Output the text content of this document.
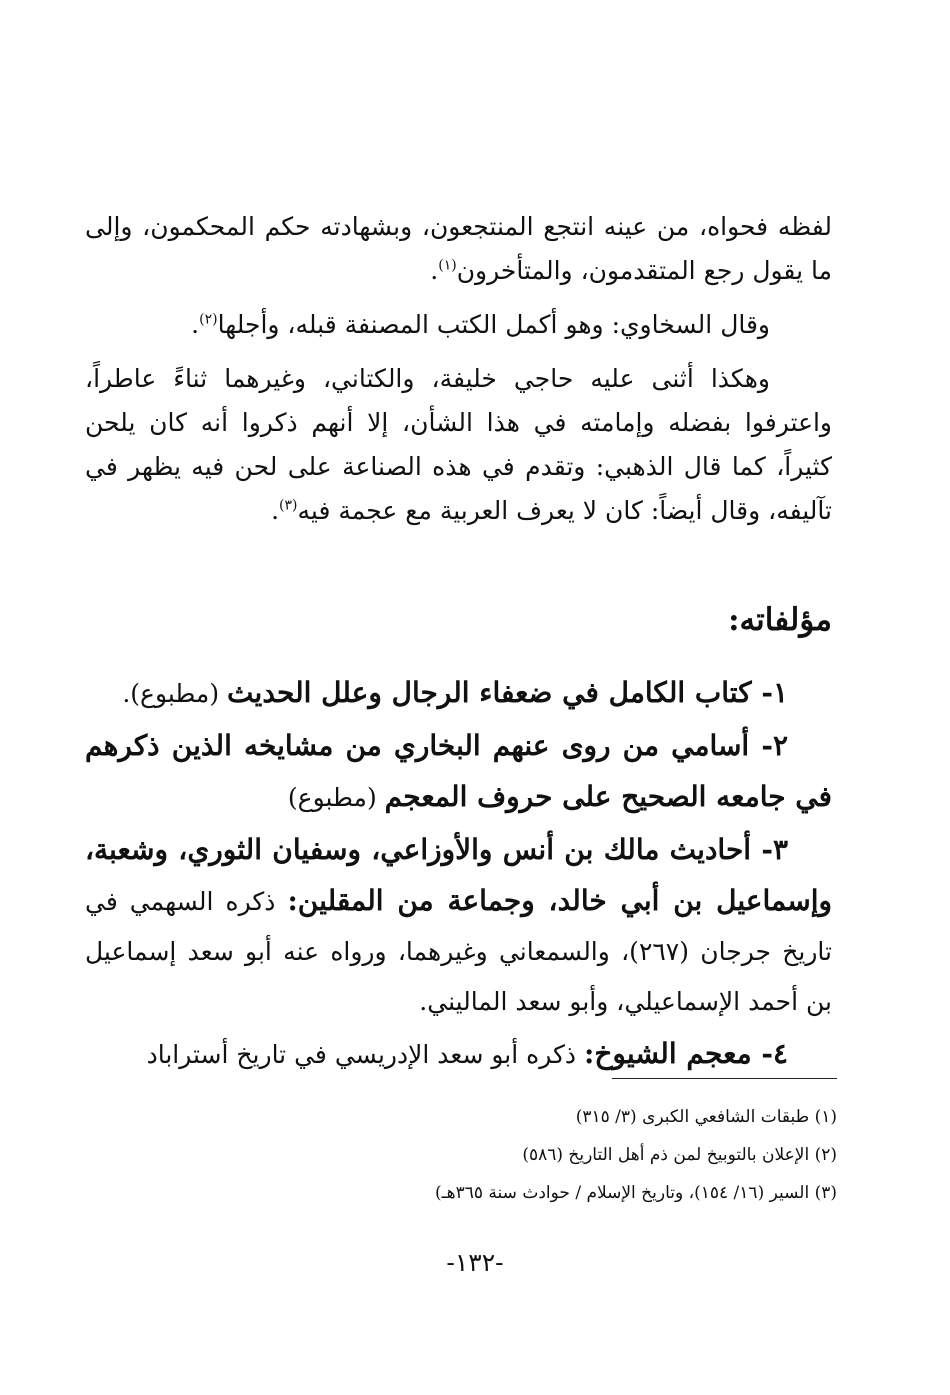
لفظه فحواه، من عينه انتجع المنتجعون، وبشهادته حكم المحكمون، وإلى ما يقول رجع المتقدمون، والمتأخرون$^{(١)}$.

وقال السخاوي: وهو أكمل الكتب المصنفة قبله، وأجلها$^{(٢)}$.

وهكذا أثنى عليه حاجي خليفة، والكتاني، وغيرهما ثناءً عاطراً، واعترفوا بفضله وإمامته في هذا الشأن، إلا أنهم ذكروا أنه كان يلحن كثيراً، كما قال الذهبي: وتقدم في هذه الصناعة على لحن فيه يظهر في تآليفه، وقال أيضاً: كان لا يعرف العربية مع عجمة فيه$^{(٣)}$.

مؤلفاته:

١- كتاب الكامل في ضعفاء الرجال وعلل الحديث (مطبوع).

٢- أسامي من روى عنهم البخاري من مشايخه الذين ذكرهم في جامعه الصحيح على حروف المعجم (مطبوع)

٣- أحاديث مالك بن أنس والأوزاعي، وسفيان الثوري، وشعبة، وإسماعيل بن أبي خالد، وجماعة من المقلين: ذكره السهمي في تاريخ جرجان (٢٦٧)، والسمعاني وغيرهما، ورواه عنه أبو سعد إسماعيل بن أحمد الإسماعيلي، وأبو سعد الماليني.

٤- معجم الشيوخ: ذكره أبو سعد الإدريسي في تاريخ أستراباد

(١) طبقات الشافعي الكبرى (٣/ ٣١٥)
(٢) الإعلان بالتوبيخ لمن ذم أهل التاريخ (٥٨٦)
(٣) السير (١٦/ ١٥٤)، وتاريخ الإسلام / حوادث سنة ٣٦٥هـ)
-١٣٢-
